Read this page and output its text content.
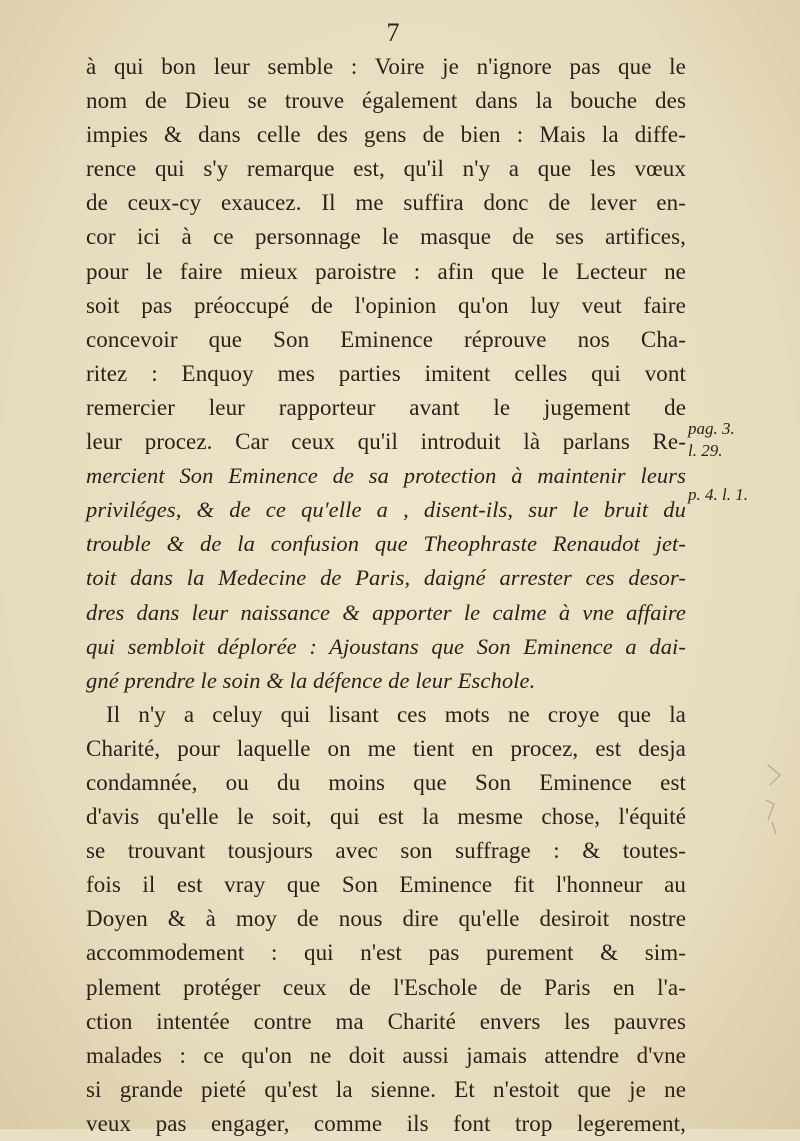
7
à qui bon leur semble : Voire je n'ignore pas que le
nom de Dieu se trouve également dans la bouche des
impies & dans celle des gens de bien : Mais la diffe-
rence qui s'y remarque est, qu'il n'y a que les vœux
de ceux-cy exaucez. Il me suffira donc de lever en-
cor ici à ce personnage le masque de ses artifices,
pour le faire mieux paroistre : afin que le Lecteur ne
soit pas préoccupé de l'opinion qu'on luy veut faire
concevoir que Son Eminence réprouve nos Cha-
ritez : Enquoy mes parties imitent celles qui vont
remercier leur rapporteur avant le jugement de
leur procez. Car ceux qu'il introduit là parlans Re-
mercient Son Eminence de sa protection à maintenir leurs
priviléges, & de ce qu'elle a , disent-ils, sur le bruit du
trouble & de la confusion que Theophraste Renaudot jet-
toit dans la Medecine de Paris, daigné arrester ces desor-
dres dans leur naissance & apporter le calme à vne affaire
qui sembloit déplorée : Ajoustans que Son Eminence a dai-
gné prendre le soin & la défence de leur Eschole.
Il n'y a celuy qui lisant ces mots ne croye que la
Charité, pour laquelle on me tient en procez, est desja
condamnée, ou du moins que Son Eminence est
d'avis qu'elle le soit, qui est la mesme chose, l'équité
se trouvant tousjours avec son suffrage : & toutes-
fois il est vray que Son Eminence fit l'honneur au
Doyen & à moy de nous dire qu'elle desiroit nostre
accommodement : qui n'est pas purement & sim-
plement protéger ceux de l'Eschole de Paris en l'a-
ction intentée contre ma Charité envers les pauvres
malades : ce qu'on ne doit aussi jamais attendre d'vne
si grande pieté qu'est la sienne. Et n'estoit que je ne
veux pas engager, comme ils font trop legerement,
pag. 3.
l. 29.
p. 4. l. 1.
